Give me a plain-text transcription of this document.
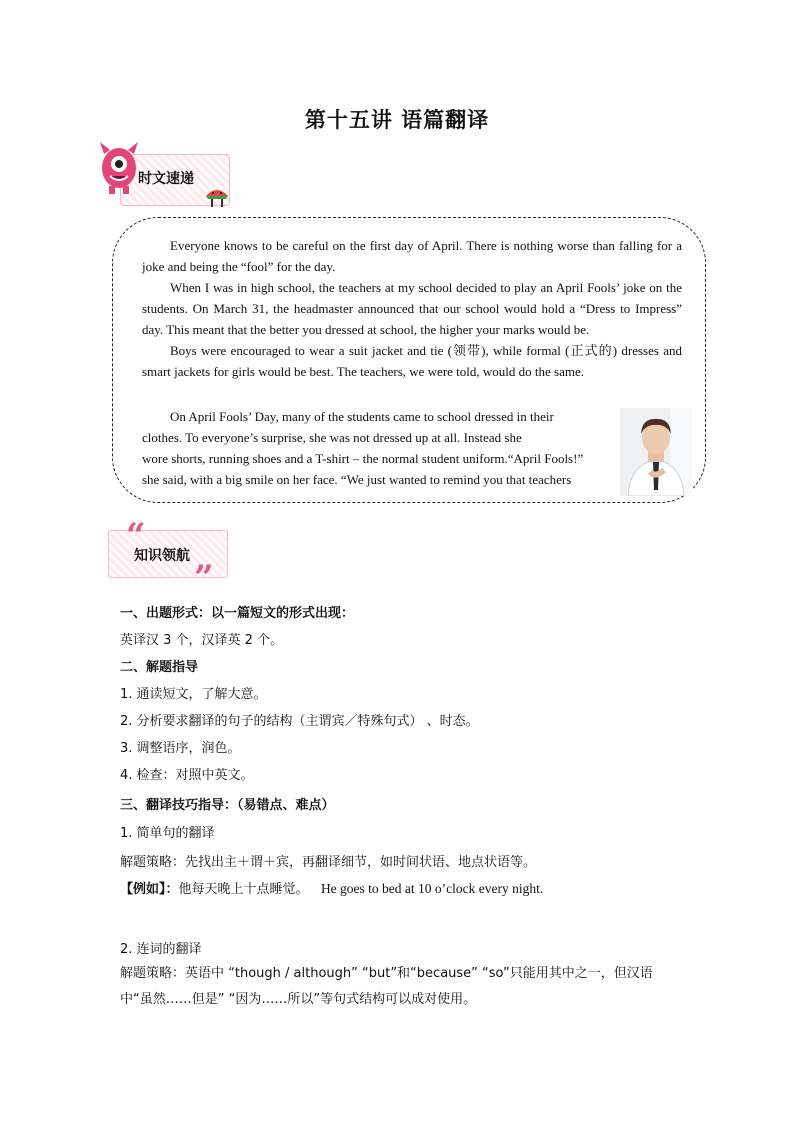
第十五讲 语篇翻译
时文速递

Everyone knows to be careful on the first day of April. There is nothing worse than falling for a joke and being the “fool” for the day.

When I was in high school, the teachers at my school decided to play an April Fools’ joke on the students. On March 31, the headmaster announced that our school would hold a “Dress to Impress” day. This meant that the better you dressed at school, the higher your marks would be.

Boys were encouraged to wear a suit jacket and tie (领带), while formal (正式的) dresses and smart jackets for girls would be best. The teachers, we were told, would do the same.

On April Fools’ Day, many of the students came to school dressed in their
clothes. To everyone’s surprise, she was not dressed up at all. Instead she
wore shorts, running shoes and a T-shirt – the normal student uniform.“April Fools!”
she said, with a big smile on her face. “We just wanted to remind you that teachers
“
”
知识领航
一、出题形式：以一篇短文的形式出现：
英译汉 3 个，汉译英 2 个。
二、解题指导
1. 通读短文，了解大意。
2. 分析要求翻译的句子的结构（主谓宾／特殊句式） 、时态。
3. 调整语序，润色。
4. 检查：对照中英文。
三、翻译技巧指导：（易错点、难点）
1. 简单句的翻译
解题策略：先找出主＋谓＋宾，再翻译细节，如时间状语、地点状语等。
【例如】：他每天晚上十点睡觉。 He goes to bed at 10 o’clock every night.
2. 连词的翻译
解题策略：英语中 “though / although” “but”和“because” “so”只能用其中之一，但汉语中“虽然……但是” “因为……所以”等句式结构可以成对使用。
